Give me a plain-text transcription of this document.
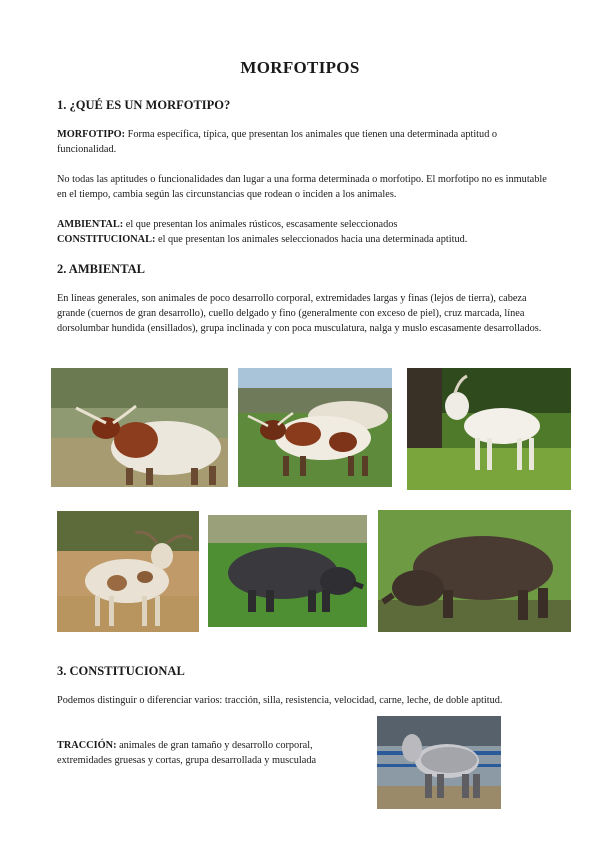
MORFOTIPOS
1. ¿QUÉ ES UN MORFOTIPO?
MORFOTIPO: Forma específica, típica, que presentan los animales que tienen una determinada aptitud o funcionalidad.
No todas las aptitudes o funcionalidades dan lugar a una forma determinada o morfotipo. El morfotipo no es inmutable en el tiempo, cambia según las circunstancias que rodean o inciden a los animales.
AMBIENTAL: el que presentan los animales rústicos, escasamente seleccionados
CONSTITUCIONAL: el que presentan los animales seleccionados hacia una determinada aptitud.
2. AMBIENTAL
En líneas generales, son animales de poco desarrollo corporal, extremidades largas y finas (lejos de tierra), cabeza grande (cuernos de gran desarrollo), cuello delgado y fino (generalmente con exceso de piel), cruz marcada, línea dorsolumbar hundida (ensillados), grupa inclinada y con poca musculatura, nalga y muslo escasamente desarrollados.
3. CONSTITUCIONAL
Podemos distinguir o diferenciar varios: tracción, silla, resistencia, velocidad, carne, leche, de doble aptitud.
TRACCIÓN: animales de gran tamaño y desarrollo corporal,
extremidades gruesas y cortas, grupa desarrollada y musculada
